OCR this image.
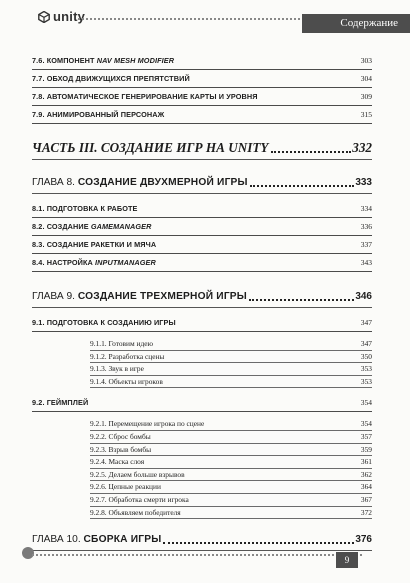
unity	Содержание
7.6. КОМПОНЕНТ NAV MESH MODIFIER	303
7.7. ОБХОД ДВИЖУЩИХСЯ ПРЕПЯТСТВИЙ	304
7.8. АВТОМАТИЧЕСКОЕ ГЕНЕРИРОВАНИЕ КАРТЫ И УРОВНЯ	309
7.9. АНИМИРОВАННЫЙ ПЕРСОНАЖ	315
ЧАСТЬ III. СОЗДАНИЕ ИГР НА UNITY	332
ГЛАВА 8. СОЗДАНИЕ ДВУХМЕРНОЙ ИГРЫ	333
8.1. ПОДГОТОВКА К РАБОТЕ	334
8.2. СОЗДАНИЕ GAMEMANAGER	336
8.3. СОЗДАНИЕ РАКЕТКИ И МЯЧА	337
8.4. НАСТРОЙКА INPUTMANAGER	343
ГЛАВА 9. СОЗДАНИЕ ТРЕХМЕРНОЙ ИГРЫ	346
9.1. ПОДГОТОВКА К СОЗДАНИЮ ИГРЫ	347
9.1.1. Готовим идею	347
9.1.2. Разработка сцены	350
9.1.3. Звук в игре	353
9.1.4. Объекты игроков	353
9.2. ГЕЙМПЛЕЙ	354
9.2.1. Перемещение игрока по сцене	354
9.2.2. Сброс бомбы	357
9.2.3. Взрыв бомбы	359
9.2.4. Маска слоя	361
9.2.5. Делаем больше взрывов	362
9.2.6. Цепные реакции	364
9.2.7. Обработка смерти игрока	367
9.2.8. Объявляем победителя	372
ГЛАВА 10. СБОРКА ИГРЫ	376
9
